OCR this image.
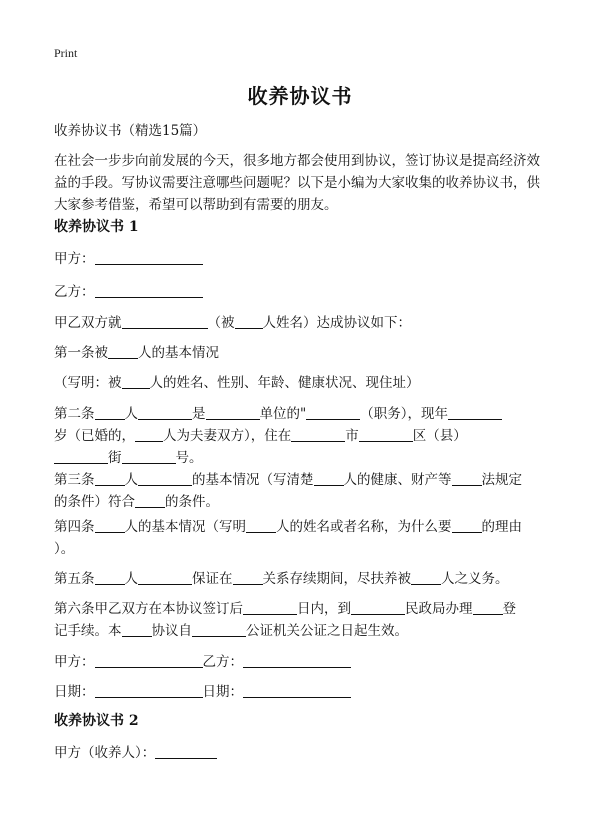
Print
收养协议书

收养协议书（精选15篇）

在社会一步步向前发展的今天，很多地方都会使用到协议，签订协议是提高经济效益的手段。写协议需要注意哪些问题呢？以下是小编为大家收集的收养协议书，供大家参考借鉴，希望可以帮助到有需要的朋友。

收养协议书 1

甲方：

乙方：

甲乙双方就	（被 人姓名）达成协议如下：

第一条被 人的基本情况

（写明：被 人的姓名、性别、年龄、健康状况、现住址）

第二条 人	是	单位的"	（职务），现年
岁（已婚的， 人为夫妻双方），住在	市	区（县）
街	号。

第三条 人	的基本情况（写清楚 人的健康、财产等 法规定
的条件）符合 的条件。

第四条 人的基本情况（写明 人的姓名或者名称，为什么要 的理由
）。

第五条 人	保证在 关系存续期间，尽扶养被 人之义务。

第六条甲乙双方在本协议签订后	日内，到	民政局办理 登
记手续。本 协议自	公证机关公证之日起生效。

甲方：	乙方：

日期：	日期：

收养协议书 2

甲方（收养人）：
